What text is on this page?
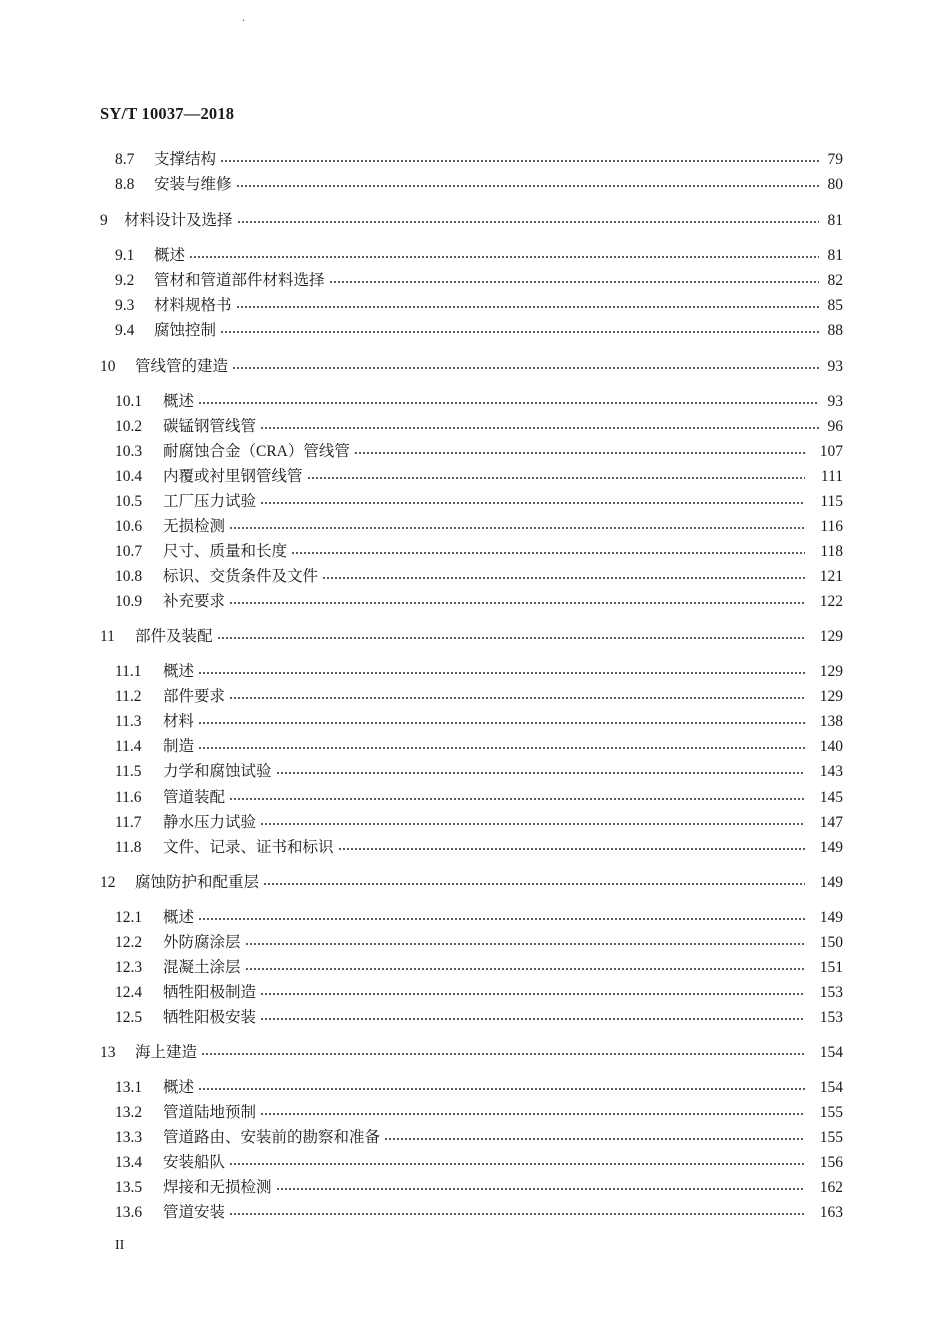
.
SY/T 10037—2018
8.7	支撑结构	79
8.8	安装与维修	80
9	材料设计及选择	81
9.1	概述	81
9.2	管材和管道部件材料选择	82
9.3	材料规格书	85
9.4	腐蚀控制	88
10	管线管的建造	93
10.1	概述	93
10.2	碳锰钢管线管	96
10.3	耐腐蚀合金（CRA）管线管	107
10.4	内覆或衬里钢管线管	111
10.5	工厂压力试验	115
10.6	无损检测	116
10.7	尺寸、质量和长度	118
10.8	标识、交货条件及文件	121
10.9	补充要求	122
11	部件及装配	129
11.1	概述	129
11.2	部件要求	129
11.3	材料	138
11.4	制造	140
11.5	力学和腐蚀试验	143
11.6	管道装配	145
11.7	静水压力试验	147
11.8	文件、记录、证书和标识	149
12	腐蚀防护和配重层	149
12.1	概述	149
12.2	外防腐涂层	150
12.3	混凝土涂层	151
12.4	牺牲阳极制造	153
12.5	牺牲阳极安装	153
13	海上建造	154
13.1	概述	154
13.2	管道陆地预制	155
13.3	管道路由、安装前的勘察和准备	155
13.4	安装船队	156
13.5	焊接和无损检测	162
13.6	管道安装	163
II
